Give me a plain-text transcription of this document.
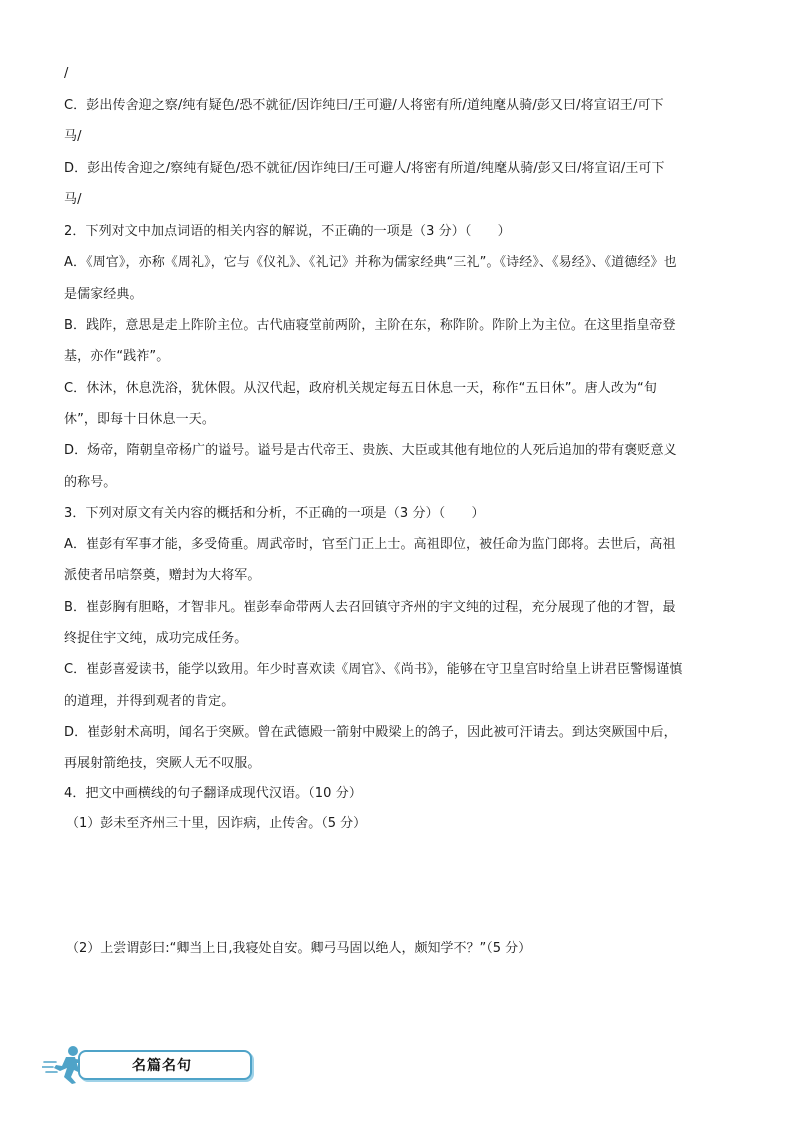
/
C．彭出传舍迎之察/纯有疑色/恐不就征/因诈纯曰/王可避/人将密有所/道纯麾从骑/彭又曰/将宣诏王/可下
马/
D．彭出传舍迎之/察纯有疑色/恐不就征/因诈纯曰/王可避人/将密有所道/纯麾从骑/彭又曰/将宣诏/王可下
马/
2．下列对文中加点词语的相关内容的解说，不正确的一项是（3 分）（　　）
A．《周官》，亦称《周礼》，它与《仪礼》、《礼记》并称为儒家经典“三礼”。《诗经》、《易经》、《道德经》也
是儒家经典。
B．践阼，意思是走上阼阶主位。古代庙寝堂前两阶，主阶在东，称阼阶。阼阶上为主位。在这里指皇帝登
基，亦作“践祚”。
C．休沐，休息洗浴，犹休假。从汉代起，政府机关规定每五日休息一天，称作“五日休”。唐人改为“旬
休”，即每十日休息一天。
D．炀帝，隋朝皇帝杨广的谥号。谥号是古代帝王、贵族、大臣或其他有地位的人死后追加的带有褒贬意义
的称号。
3．下列对原文有关内容的概括和分析，不正确的一项是（3 分）（　　）
A．崔彭有军事才能，多受倚重。周武帝时，官至门正上士。高祖即位，被任命为监门郎将。去世后，高祖
派使者吊唁祭奠，赠封为大将军。
B．崔彭胸有胆略，才智非凡。崔彭奉命带两人去召回镇守齐州的宇文纯的过程，充分展现了他的才智，最
终捉住宇文纯，成功完成任务。
C．崔彭喜爱读书，能学以致用。年少时喜欢读《周官》、《尚书》，能够在守卫皇宫时给皇上讲君臣警惕谨慎
的道理，并得到观者的肯定。
D．崔彭射术高明，闻名于突厥。曾在武德殿一箭射中殿梁上的鸽子，因此被可汗请去。到达突厥国中后，
再展射箭绝技，突厥人无不叹服。
4．把文中画横线的句子翻译成现代汉语。（10 分）
（1）彭未至齐州三十里，因诈病，止传舍。（5 分）
（2）上尝谓彭曰:“卿当上日,我寝处自安。卿弓马固以绝人，颇知学不？”（5 分）
名篇名句
